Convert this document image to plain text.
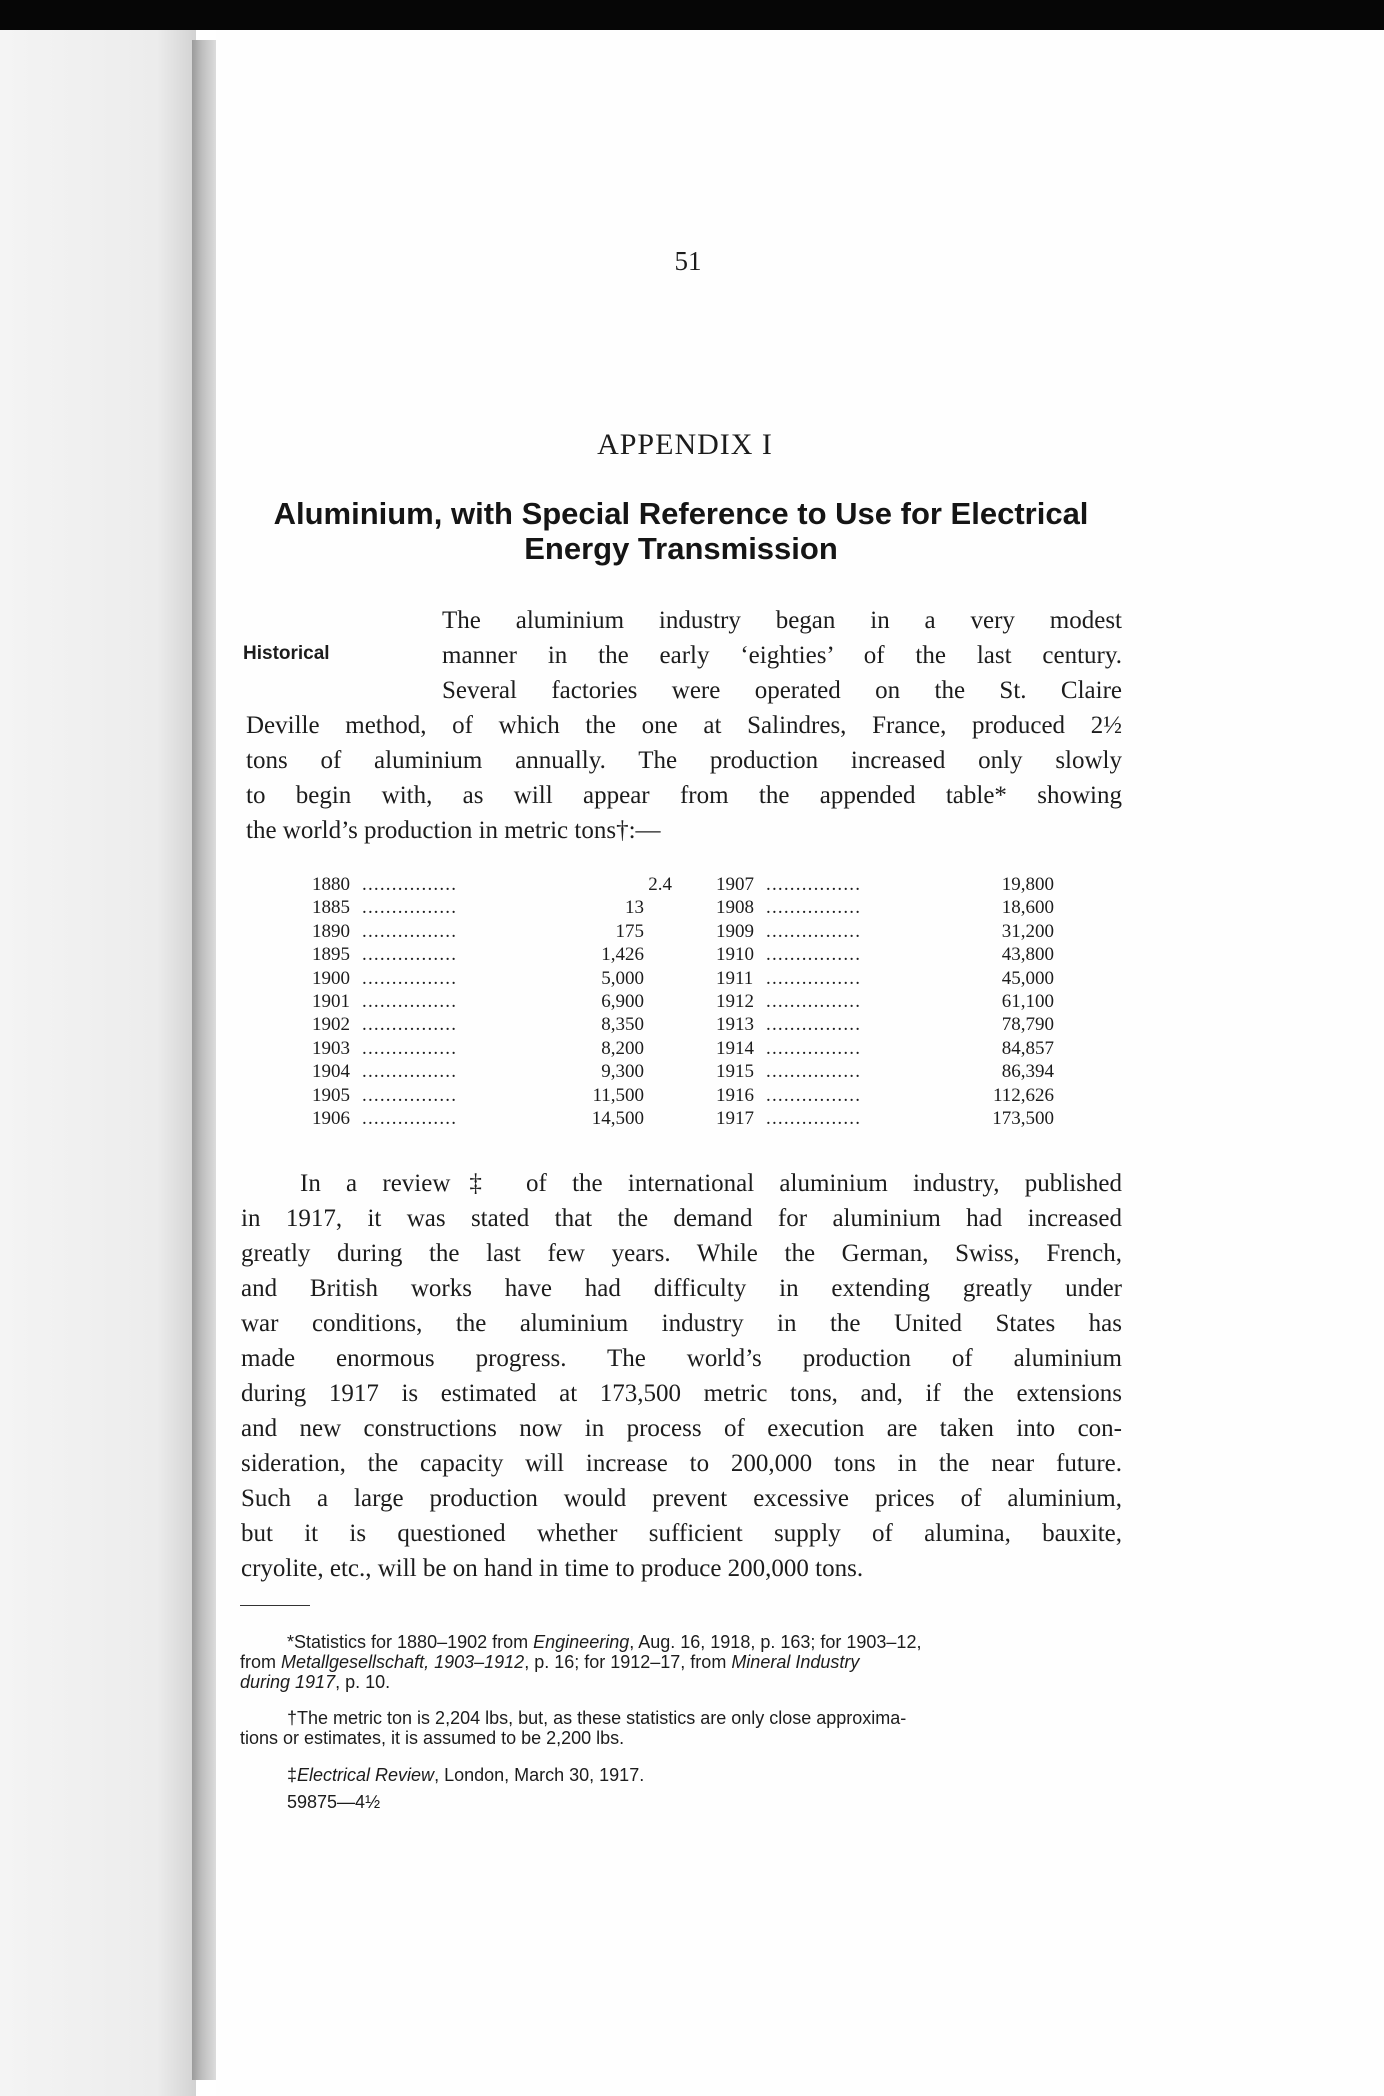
51
APPENDIX I
Aluminium, with Special Reference to Use for Electrical
Energy Transmission
Historical
The aluminium industry began in a very modest
manner in the early ‘eighties’ of the last century.
Several factories were operated on the St. Claire
Deville method, of which the one at Salindres, France, produced 2½
tons of aluminium annually. The production increased only slowly
to begin with, as will appear from the appended table* showing
the world’s production in metric tons†:—
1880 ................	2.4
1885 ................	13
1890 ................	175
1895 ................	1,426
1900 ................	5,000
1901 ................	6,900
1902 ................	8,350
1903 ................	8,200
1904 ................	9,300
1905 ................	11,500
1906 ................	14,500
1907 ................	19,800
1908 ................	18,600
1909 ................	31,200
1910 ................	43,800
1911 ................	45,000
1912 ................	61,100
1913 ................	78,790
1914 ................	84,857
1915 ................	86,394
1916 ................	112,626
1917 ................	173,500
In a review‡ of the international aluminium industry, published
in 1917, it was stated that the demand for aluminium had increased
greatly during the last few years. While the German, Swiss, French,
and British works have had difficulty in extending greatly under
war conditions, the aluminium industry in the United States has
made enormous progress. The world’s production of aluminium
during 1917 is estimated at 173,500 metric tons, and, if the extensions
and new constructions now in process of execution are taken into con-
sideration, the capacity will increase to 200,000 tons in the near future.
Such a large production would prevent excessive prices of aluminium,
but it is questioned whether sufficient supply of alumina, bauxite,
cryolite, etc., will be on hand in time to produce 200,000 tons.
*Statistics for 1880–1902 from Engineering, Aug. 16, 1918, p. 163; for 1903–12,
from Metallgesellschaft, 1903–1912, p. 16; for 1912–17, from Mineral Industry
during 1917, p. 10.
†The metric ton is 2,204 lbs, but, as these statistics are only close approxima-
tions or estimates, it is assumed to be 2,200 lbs.
‡Electrical Review, London, March 30, 1917.
59875—4½
